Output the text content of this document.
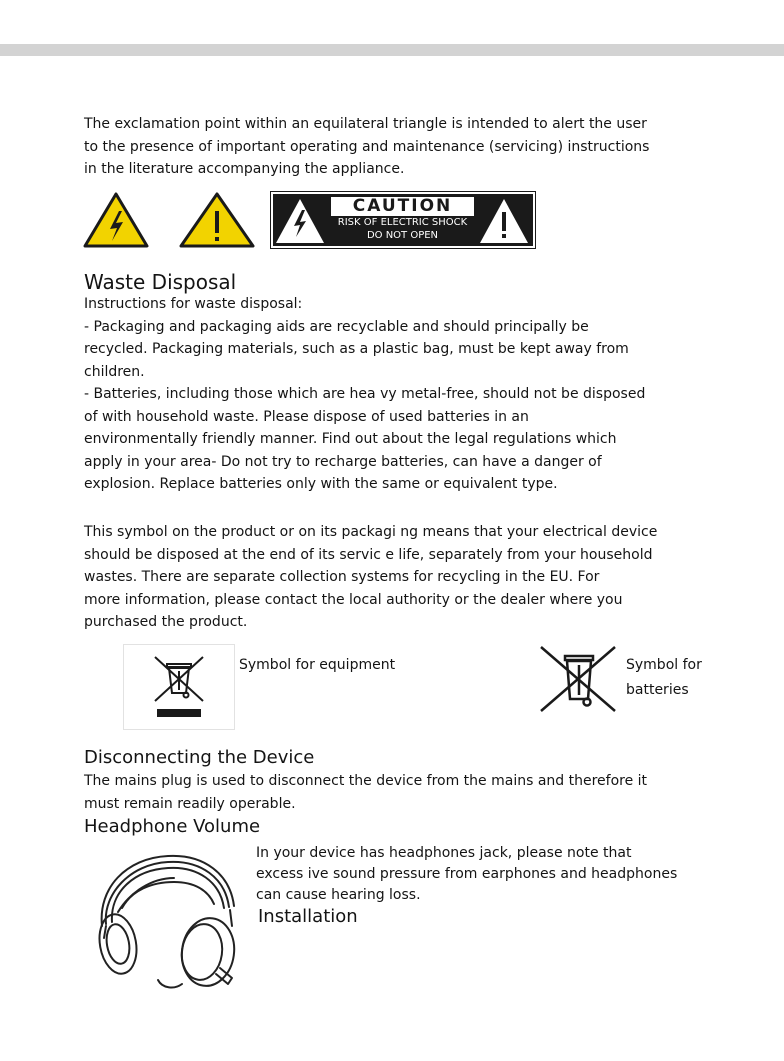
The exclamation point within an equilateral triangle is intended to alert the user
to the presence of important operating and maintenance (servicing) instructions
in the literature accompanying the appliance.
CAUTION
RISK OF ELECTRIC SHOCK
DO NOT OPEN
Waste Disposal
Instructions for waste disposal:
- Packaging and packaging aids are recyclable and should principally be
recycled. Packaging materials, such as a plastic bag, must be kept away from
children.
- Batteries, including those which are hea vy metal-free, should not be disposed
of with household waste. Please dispose of used batteries in an
environmentally friendly manner. Find out about the legal regulations which
apply in your area- Do not try to recharge batteries, can have a danger of
explosion. Replace batteries only with the same or equivalent type.
This symbol on the product or on its packagi ng means that your electrical device
should be disposed at the end of its servic e life, separately from your household
wastes. There are separate collection systems for recycling in the EU. For
more information, please contact the local authority or the dealer where you
purchased the product.
Symbol for equipment	Symbol for
batteries
Disconnecting the Device
The mains plug is used to disconnect the device from the mains and therefore it
must remain readily operable.
Headphone Volume
In your device has headphones jack, please note that
excess ive sound pressure from earphones and headphones
can cause hearing loss.
Installation
